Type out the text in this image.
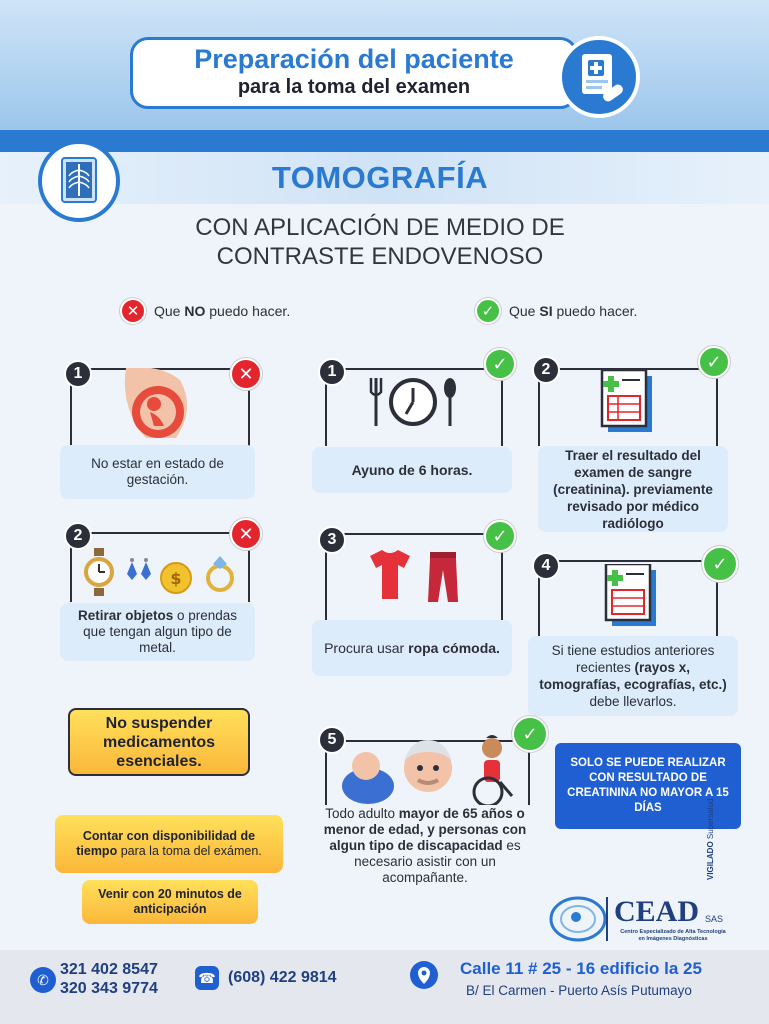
Preparación del paciente
para la toma del examen
TOMOGRAFÍA
CON APLICACIÓN DE MEDIO DE
CONTRASTE ENDOVENOSO
✕	Que NO puedo hacer.	✓	Que SI puedo hacer.
1	✕
No estar en estado de gestación.
2	✕
$
Retirar objetos o prendas que tengan algun tipo de metal.
No suspender medicamentos esenciales.
Contar con disponibilidad de tiempo para la toma del exámen.
Venir con 20 minutos de anticipación
1	✓
Ayuno de 6 horas.
2	✓
Traer el resultado del examen de sangre (creatinina). previamente revisado por médico radiólogo
3	✓
Procura usar ropa cómoda.
4	✓
Si tiene estudios anteriores recientes (rayos x, tomografías, ecografías, etc.) debe llevarlos.
5	✓
Todo adulto mayor de 65 años o menor de edad, y personas con algun tipo de discapacidad es necesario asistir con un acompañante.
SOLO SE PUEDE REALIZAR CON RESULTADO DE CREATININA NO MAYOR A 15 DÍAS
CEAD SAS
Centro Especializado de Alta Tecnología
en Imágenes Diagnósticas
VIGILADO Supersalud
✆
321 402 8547
320 343 9774
☎ (608) 422 9814	Calle 11 # 25 - 16 edificio la 25
B/ El Carmen - Puerto Asís Putumayo
